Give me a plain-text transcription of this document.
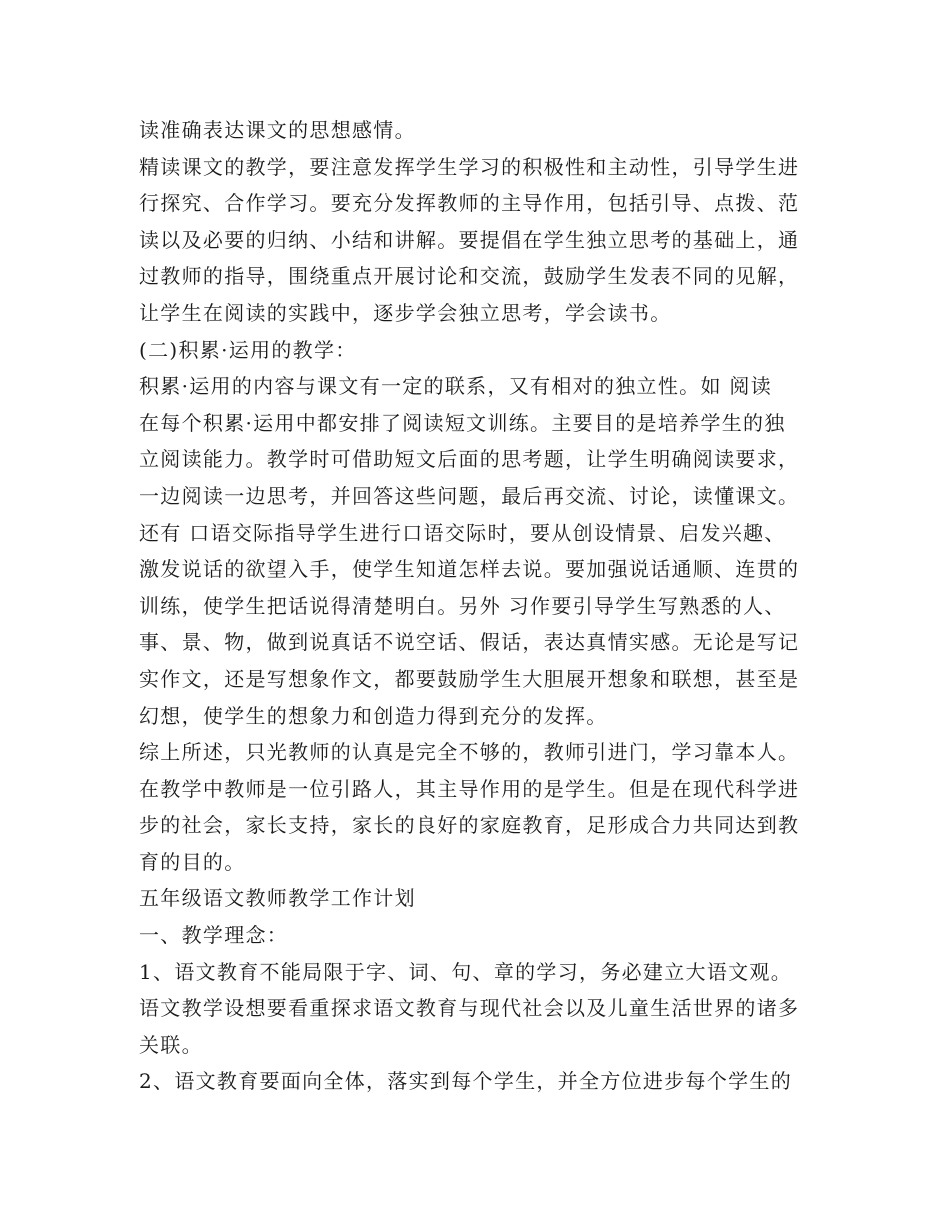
读准确表达课文的思想感情。
精读课文的教学，要注意发挥学生学习的积极性和主动性，引导学生进
行探究、合作学习。要充分发挥教师的主导作用，包括引导、点拨、范
读以及必要的归纳、小结和讲解。要提倡在学生独立思考的基础上，通
过教师的指导，围绕重点开展讨论和交流，鼓励学生发表不同的见解，
让学生在阅读的实践中，逐步学会独立思考，学会读书。
(二)积累·运用的教学：
积累·运用的内容与课文有一定的联系，又有相对的独立性。如 阅读
在每个积累·运用中都安排了阅读短文训练。主要目的是培养学生的独
立阅读能力。教学时可借助短文后面的思考题，让学生明确阅读要求，
一边阅读一边思考，并回答这些问题，最后再交流、讨论，读懂课文。
还有 口语交际指导学生进行口语交际时，要从创设情景、启发兴趣、
激发说话的欲望入手，使学生知道怎样去说。要加强说话通顺、连贯的
训练，使学生把话说得清楚明白。另外 习作要引导学生写熟悉的人、
事、景、物，做到说真话不说空话、假话，表达真情实感。无论是写记
实作文，还是写想象作文，都要鼓励学生大胆展开想象和联想，甚至是
幻想，使学生的想象力和创造力得到充分的发挥。
综上所述，只光教师的认真是完全不够的，教师引进门，学习靠本人。
在教学中教师是一位引路人，其主导作用的是学生。但是在现代科学进
步的社会，家长支持，家长的良好的家庭教育，足形成合力共同达到教
育的目的。
五年级语文教师教学工作计划
一、教学理念：
1、语文教育不能局限于字、词、句、章的学习，务必建立大语文观。
语文教学设想要看重探求语文教育与现代社会以及儿童生活世界的诸多
关联。
2、语文教育要面向全体，落实到每个学生，并全方位进步每个学生的
